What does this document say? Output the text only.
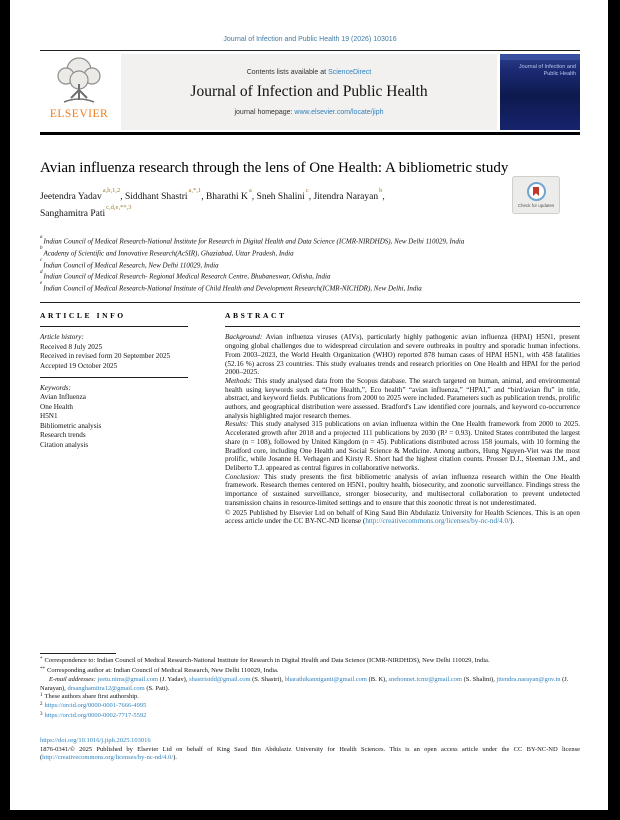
Journal of Infection and Public Health 19 (2026) 103016
ELSEVIER
Contents lists available at ScienceDirect
Journal of Infection and Public Health
journal homepage: www.elsevier.com/locate/jiph
Journal of Infection and Public Health
Avian influenza research through the lens of One Health: A bibliometric study
Check for updates
Jeetendra Yadav$^{a,b,1,2}$, Siddhant Shastri$^{a,*,1}$, Bharathi $K^a$, Sneh Shalini$^c$, Jitendra Narayan$^b$,
Sanghamitra Pati$^{c,d,e,**,3}$
$^a$Indian Council of Medical Research-National Institute for Research in Digital Health and Data Science (ICMR-NIRDHDS), New Delhi 110029, India
$^b$Academy of Scientific and Innovative Research(AcSIR), Ghaziabad, Uttar Pradesh, India
$^c$Indian Council of Medical Research, New Delhi 110029, India
$^d$Indian Council of Medical Research- Regional Medical Research Centre, Bhubaneswar, Odisha, India
$^e$Indian Council of Medical Research-National Institute of Child Health and Development Research(ICMR-NICHDR), New Delhi, India
ARTICLE INFO
Article history:
Received 8 July 2025
Received in revised form 20 September 2025
Accepted 19 October 2025
Keywords:
Avian Influenza
One Health
H5N1
Bibliometric analysis
Research trends
Citation analysis
ABSTRACT

Background: Avian influenza viruses (AIVs), particularly highly pathogenic avian influenza (HPAI) H5N1, present ongoing global challenges due to widespread circulation and severe outbreaks in poultry and sporadic human infections. From 2003–2023, the World Health Organization (WHO) reported 878 human cases of HPAI H5N1, with 458 fatalities (52.16 %) across 23 countries. This study evaluates trends and research priorities on One Health and HPAI for the period 2000–2025.

Methods: This study analysed data from the Scopus database. The search targeted on human, animal, and environmental health using keywords such as “One Health,”, Eco health” “avian influenza,” “HPAI,” and “bird/avian flu” in title, abstract, and keyword fields. Publications from 2000 to 2025 were included. Parameters such as publication trends, prolific authors, and geographical distribution were assessed. Bradford's Law identified core journals, and keyword co-occurrence analysis highlighted major research themes.

Results: This study analysed 315 publications on avian influenza within the One Health framework from 2000 to 2025. Accelerated growth after 2018 and a projected 111 publications by 2030 (R² = 0.93). United States contributed the largest share (n = 108), followed by United Kingdom (n = 45). Publications distributed across 158 journals, with 10 forming the Bradford core, including One Health and Social Science & Medicine. Among authors, Hung Nguyen-Viet was the most prolific, while Josanne H. Verhagen and Kirsty R. Short had the highest citation counts. Prosser D.J., Sleeman J.M., and Deliberto T.J. appeared as central figures in collaborative networks.

Conclusion: This study presents the first bibliometric analysis of avian influenza research within the One Health framework. Research themes centered on H5N1, poultry health, biosecurity, and zoonotic surveillance. Findings stress the importance of sustained surveillance, stronger biosecurity, and multisectoral collaboration to prevent undetected transmission chains in resource-limited settings and to ensure that this zoonotic threat is not underestimated.

© 2025 Published by Elsevier Ltd on behalf of King Saud Bin Abdulaziz University for Health Sciences. This is an open access article under the CC BY-NC-ND license (http://creativecommons.org/licenses/by-nc-nd/4.0/).

* Correspondence to: Indian Council of Medical Research-National Institute for Research in Digital Health and Data Science (ICMR-NIRDHDS), New Delhi 110029, India.

** Corresponding author at: Indian Council of Medical Research, New Delhi 110029, India.

E-mail addresses: jeetu.nims@gmail.com (J. Yadav), shastrisidd@gmail.com (S. Shastri), bharathikanniganti@gmail.com (B. K), snehonnet.icmr@gmail.com (S. Shalini), jitendra.narayan@gov.in (J. Narayan), drsanghamitra12@gmail.com (S. Pati).

$^1$ These authors share first authorship.

$^2$ https://orcid.org/0000-0001-7666-4995

$^3$ https://orcid.org/0000-0002-7717-5592

https://doi.org/10.1016/j.jiph.2025.103016
1876-0341/© 2025 Published by Elsevier Ltd on behalf of King Saud Bin Abdulaziz University for Health Sciences. This is an open access article under the CC BY-NC-ND license (http://creativecommons.org/licenses/by-nc-nd/4.0/).
